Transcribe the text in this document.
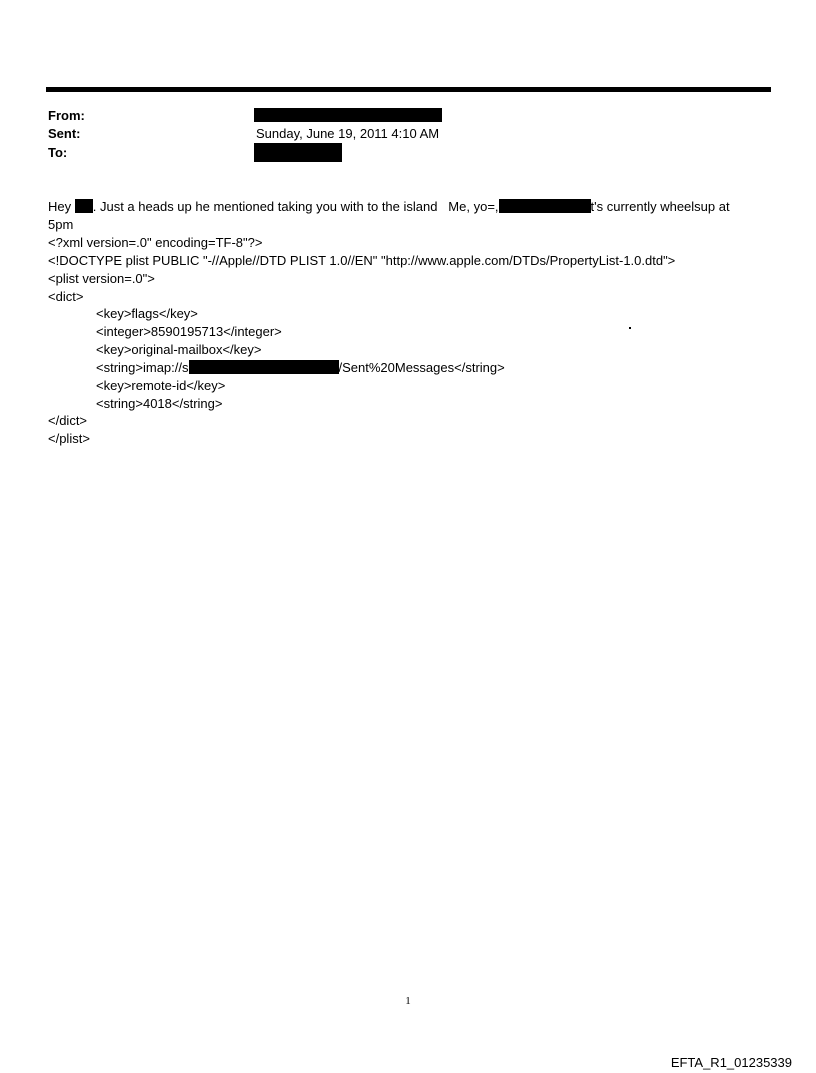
From:
Sent:	Sunday, June 19, 2011 4:10 AM
To:
Hey . Just a heads up he mentioned taking you with to the island   Me, yo=,	t's currently wheelsup at
5pm
<?xml version=.0" encoding=TF-8"?>
<!DOCTYPE plist PUBLIC "-//Apple//DTD PLIST 1.0//EN" "http://www.apple.com/DTDs/PropertyList-1.0.dtd">
<plist version=.0">
<dict>
<key>flags</key>
<integer>8590195713</integer>
<key>original-mailbox</key>
<string>imap://s	/Sent%20Messages</string>
<key>remote-id</key>
<string>4018</string>
</dict>
</plist>
1
EFTA_R1_01235339
